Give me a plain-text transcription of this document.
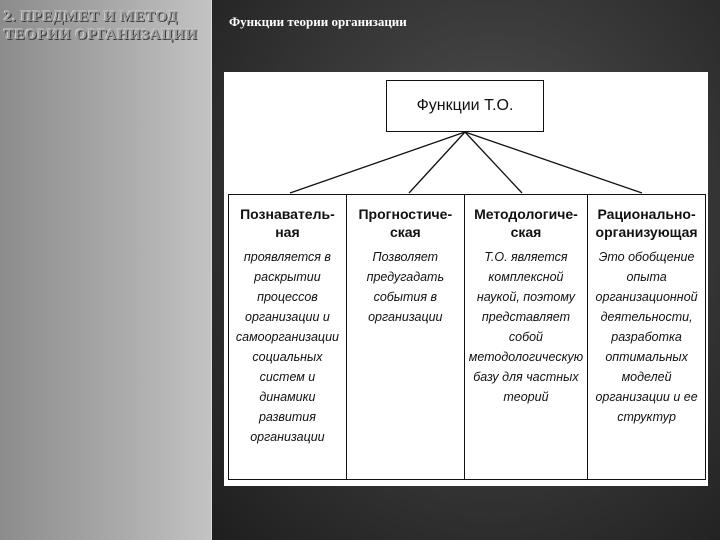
2. ПРЕДМЕТ И МЕТОД ТЕОРИИ ОРГАНИЗАЦИИ
Функции теории организации
Функции Т.О.

Познаватель-ная

проявляется в раскрытии процессов организации и самоорганизации социальных систем и динамики развития организации

Прогностиче-ская

Позволяет предугадать события в организации

Методологиче-ская

Т.О. является комплексной наукой, поэтому представляет собой методологическую базу для частных теорий

Рационально-организующая

Это обобщение опыта организационной деятельности, разработка оптимальных моделей организации и ее структур
